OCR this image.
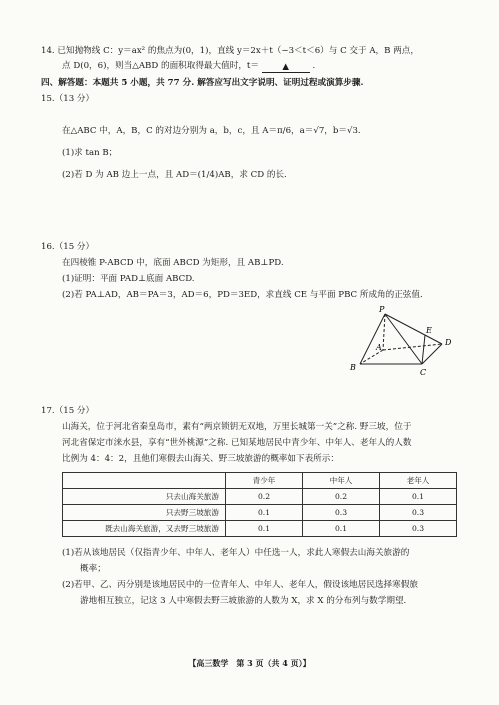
14. 已知抛物线 C：y＝ax² 的焦点为(0，1)，直线 y＝2x＋t（−3＜t＜6）与 C 交于 A，B 两点，
点 D(0，6)，则当△ABD 的面积取得最大值时，t＝	▲	.
四、解答题：本题共 5 小题，共 77 分. 解答应写出文字说明、证明过程或演算步骤.
15.（13 分）
在△ABC 中，A，B，C 的对边分别为 a，b，c，且 A＝π/6，a＝√7，b＝√3.
(1)求 tan B；
(2)若 D 为 AB 边上一点，且 AD＝(1/4)AB，求 CD 的长.
16.（15 分）
在四棱锥 P-ABCD 中，底面 ABCD 为矩形，且 AB⊥PD.
(1)证明：平面 PAD⊥底面 ABCD.
(2)若 PA⊥AD，AB＝PA＝3，AD＝6，PD＝3ED，求直线 CE 与平面 PBC 所成角的正弦值.
P
A
B
C
D
E
17.（15 分）
山海关，位于河北省秦皇岛市，素有“两京锁钥无双地，万里长城第一关”之称. 野三坡，位于
河北省保定市涞水县，享有“世外桃源”之称. 已知某地居民中青少年、中年人、老年人的人数
比例为 4：4：2，且他们寒假去山海关、野三坡旅游的概率如下表所示：
	青少年	中年人	老年人
只去山海关旅游	0.2	0.2	0.1
只去野三坡旅游	0.1	0.3	0.3
既去山海关旅游，又去野三坡旅游	0.1	0.1	0.3
(1)若从该地居民（仅指青少年、中年人、老年人）中任选一人，求此人寒假去山海关旅游的
概率；
(2)若甲、乙、丙分别是该地居民中的一位青年人、中年人、老年人，假设该地居民选择寒假旅
游地相互独立，记这 3 人中寒假去野三坡旅游的人数为 X，求 X 的分布列与数学期望.
【高三数学　第 3 页（共 4 页）】
